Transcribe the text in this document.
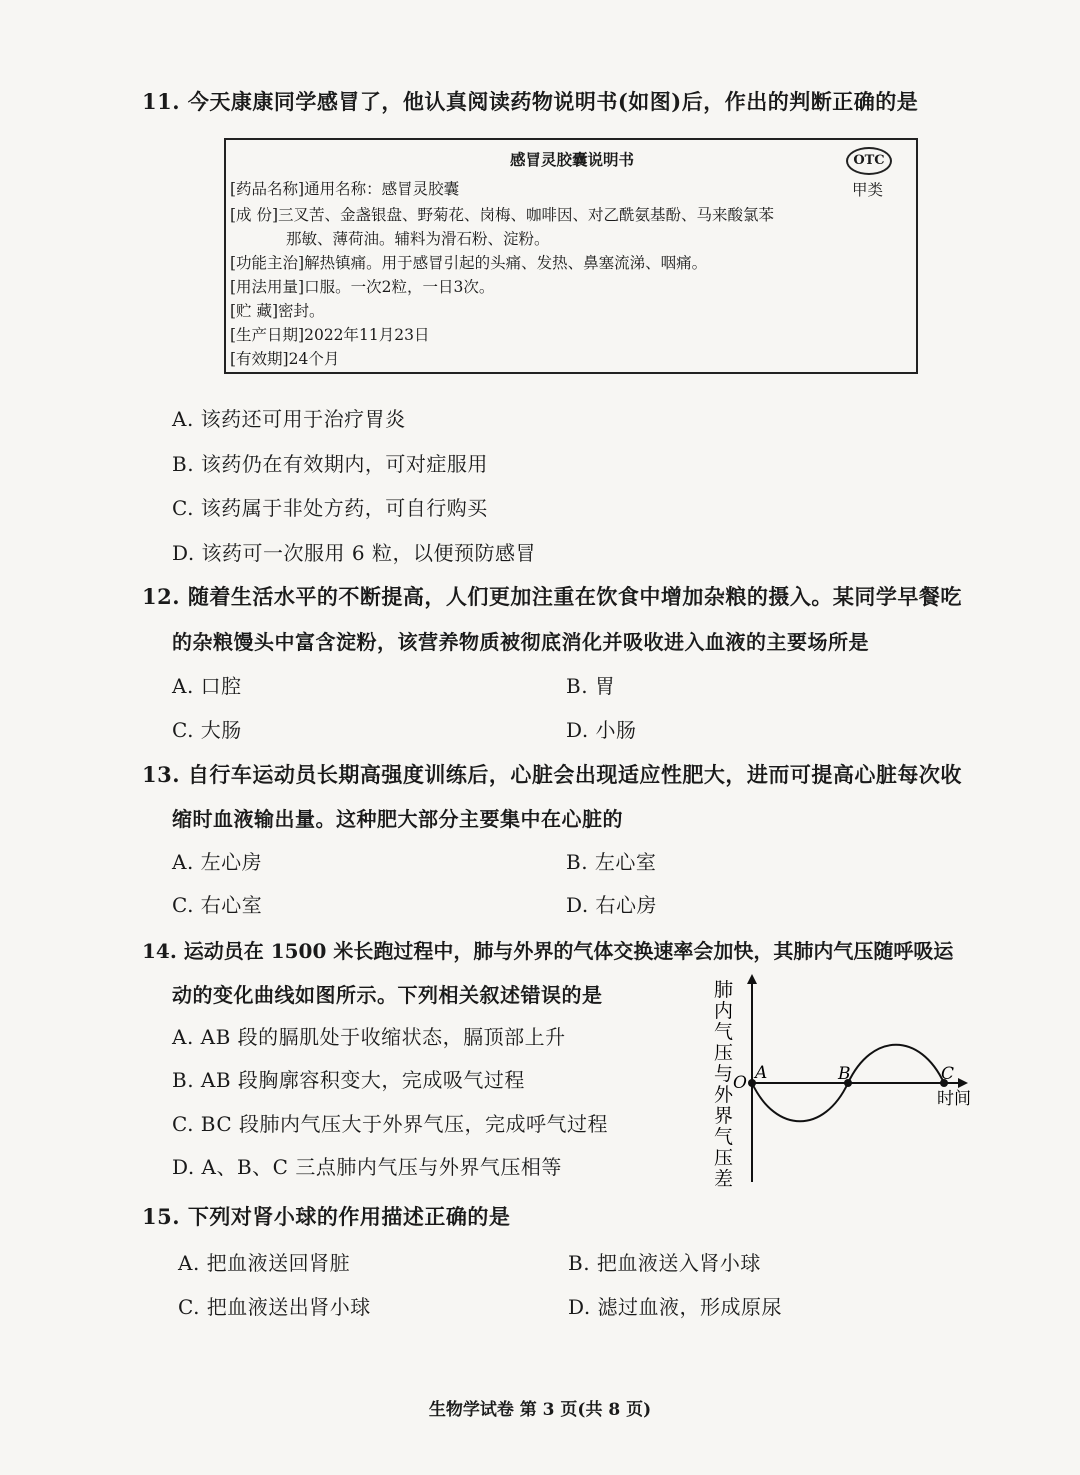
11. 今天康康同学感冒了，他认真阅读药物说明书(如图)后，作出的判断正确的是
感冒灵胶囊说明书
甲类
[药品名称]通用名称：感冒灵胶囊
[成 份]三叉苦、金盏银盘、野菊花、岗梅、咖啡因、对乙酰氨基酚、马来酸氯苯
那敏、薄荷油。辅料为滑石粉、淀粉。
[功能主治]解热镇痛。用于感冒引起的头痛、发热、鼻塞流涕、咽痛。
[用法用量]口服。一次2粒，一日3次。
[贮 藏]密封。
[生产日期]2022年11月23日
[有效期]24个月
OTC
A. 该药还可用于治疗胃炎
B. 该药仍在有效期内，可对症服用
C. 该药属于非处方药，可自行购买
D. 该药可一次服用 6 粒，以便预防感冒
12. 随着生活水平的不断提高，人们更加注重在饮食中增加杂粮的摄入。某同学早餐吃
的杂粮馒头中富含淀粉，该营养物质被彻底消化并吸收进入血液的主要场所是
A. 口腔	B. 胃
C. 大肠	D. 小肠
13. 自行车运动员长期高强度训练后，心脏会出现适应性肥大，进而可提高心脏每次收
缩时血液输出量。这种肥大部分主要集中在心脏的
A. 左心房	B. 左心室
C. 右心室	D. 右心房
14. 运动员在 1500 米长跑过程中，肺与外界的气体交换速率会加快，其肺内气压随呼吸运
动的变化曲线如图所示。下列相关叙述错误的是
A. AB 段的膈肌处于收缩状态，膈顶部上升
B. AB 段胸廓容积变大，完成吸气过程
C. BC 段肺内气压大于外界气压，完成呼气过程
D. A、B、C 三点肺内气压与外界气压相等
肺
内
气
压
与
外
界
气
压
差
O A	B	C
时间
15. 下列对肾小球的作用描述正确的是
A. 把血液送回肾脏	B. 把血液送入肾小球
C. 把血液送出肾小球	D. 滤过血液，形成原尿
生物学试卷 第 3 页(共 8 页)
